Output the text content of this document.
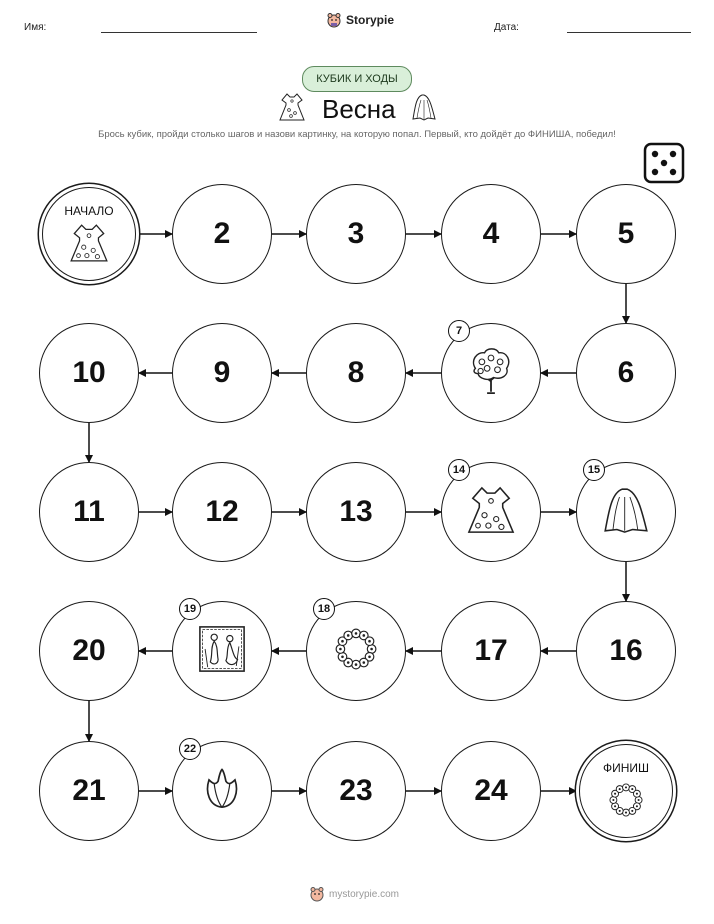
Имя:
Storypie
Дата:
КУБИК И ХОДЫ
Весна
Брось кубик, пройди столько шагов и назови картинку, на которую попал. Первый, кто дойдёт до ФИНИША, победил!
НАЧАЛО
2	3	4	5
6
7
8
9
10
11	12	13
14	15
16
17
18
19
20
21
22
23	24
ФИНИШ
mystorypie.com
